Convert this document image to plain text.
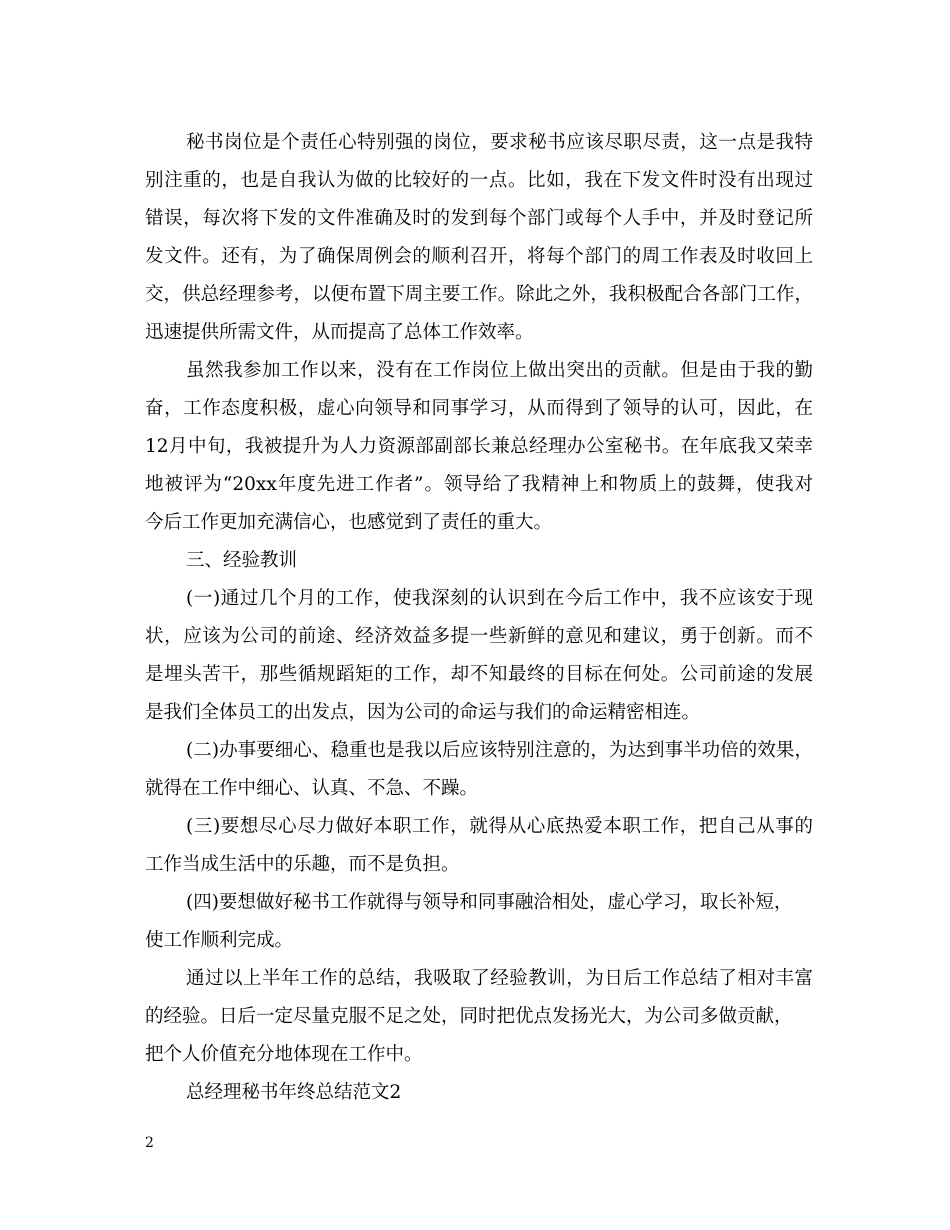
秘书岗位是个责任心特别强的岗位，要求秘书应该尽职尽责，这一点是我特
别注重的，也是自我认为做的比较好的一点。比如，我在下发文件时没有出现过
错误，每次将下发的文件准确及时的发到每个部门或每个人手中，并及时登记所
发文件。还有，为了确保周例会的顺利召开，将每个部门的周工作表及时收回上
交，供总经理参考，以便布置下周主要工作。除此之外，我积极配合各部门工作，
迅速提供所需文件，从而提高了总体工作效率。
虽然我参加工作以来，没有在工作岗位上做出突出的贡献。但是由于我的勤
奋，工作态度积极，虚心向领导和同事学习，从而得到了领导的认可，因此，在
12月中旬，我被提升为人力资源部副部长兼总经理办公室秘书。在年底我又荣幸
地被评为“20xx年度先进工作者”。领导给了我精神上和物质上的鼓舞，使我对
今后工作更加充满信心，也感觉到了责任的重大。
三、经验教训
(一)通过几个月的工作，使我深刻的认识到在今后工作中，我不应该安于现
状，应该为公司的前途、经济效益多提一些新鲜的意见和建议，勇于创新。而不
是埋头苦干，那些循规蹈矩的工作，却不知最终的目标在何处。公司前途的发展
是我们全体员工的出发点，因为公司的命运与我们的命运精密相连。
(二)办事要细心、稳重也是我以后应该特别注意的，为达到事半功倍的效果，
就得在工作中细心、认真、不急、不躁。
(三)要想尽心尽力做好本职工作，就得从心底热爱本职工作，把自己从事的
工作当成生活中的乐趣，而不是负担。
(四)要想做好秘书工作就得与领导和同事融洽相处，虚心学习，取长补短，
使工作顺利完成。
通过以上半年工作的总结，我吸取了经验教训，为日后工作总结了相对丰富
的经验。日后一定尽量克服不足之处，同时把优点发扬光大，为公司多做贡献，
把个人价值充分地体现在工作中。
总经理秘书年终总结范文2
2
